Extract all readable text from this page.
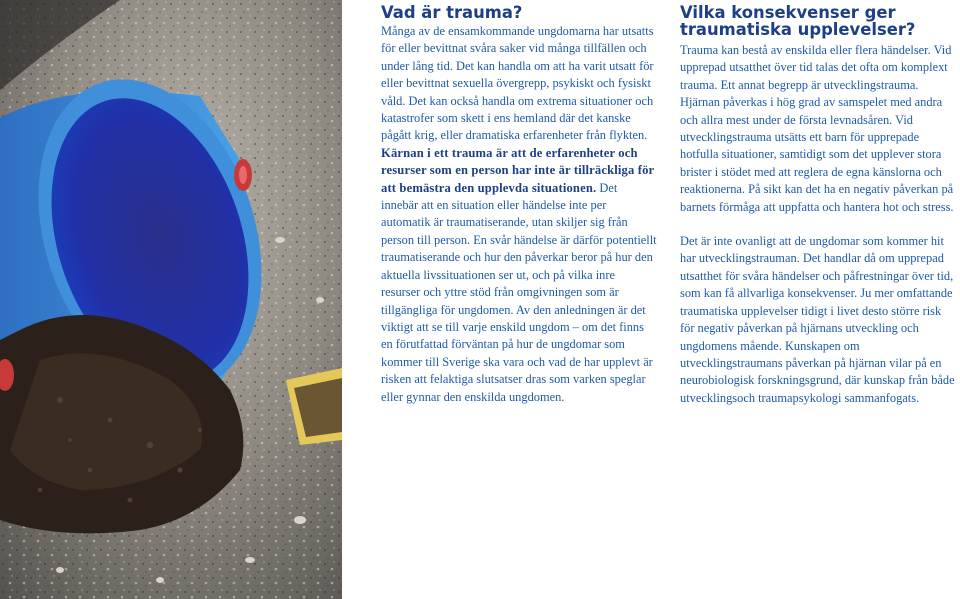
Vad är trauma?

Många av de ensamkommande ungdomarna har utsatts för eller bevittnat svåra saker vid många tillfällen och under lång tid. Det kan handla om att ha varit utsatt för eller bevittnat sexuella övergrepp, psykiskt och fysiskt våld. Det kan också handla om extrema situationer och katastrofer som skett i ens hemland där det kanske pågått krig, eller dramatiska erfarenheter från flykten. Kärnan i ett trauma är att de erfarenheter och resurser som en person har inte är tillräckliga för att bemästra den upplevda situationen. Det innebär att en situation eller händelse inte per automatik är traumatiserande, utan skiljer sig från person till person. En svår händelse är därför potentiellt traumatiserande och hur den påverkar beror på hur den aktuella livssituationen ser ut, och på vilka inre resurser och yttre stöd från omgivningen som är tillgängliga för ungdomen. Av den anledningen är det viktigt att se till varje enskild ungdom – om det finns en förutfattad förväntan på hur de ungdomar som kommer till Sverige ska vara och vad de har upplevt är risken att felaktiga slutsatser dras som varken speglar eller gynnar den enskilda ungdomen.

Vilka konsekvenser ger traumatiska upplevelser?

Trauma kan bestå av enskilda eller flera händelser. Vid upprepad utsatthet över tid talas det ofta om komplext trauma. Ett annat begrepp är utvecklingstrauma. Hjärnan påverkas i hög grad av samspelet med andra och allra mest under de första levnadsåren. Vid utvecklingstrauma utsätts ett barn för upprepade hotfulla situationer, samtidigt som det upplever stora brister i stödet med att reglera de egna känslorna och reaktionerna. På sikt kan det ha en negativ påverkan på barnets förmåga att uppfatta och hantera hot och stress.

Det är inte ovanligt att de ungdomar som kommer hit har utvecklingstrauman. Det handlar då om upprepad utsatthet för svåra händelser och påfrestningar över tid, som kan få allvarliga konsekvenser. Ju mer omfattande traumatiska upplevelser tidigt i livet desto större risk för negativ påverkan på hjärnans utveckling och ungdomens mående. Kunskapen om utvecklingstraumans påverkan på hjärnan vilar på en neurobiologisk forskningsgrund, där kunskap från både utvecklingsoch traumapsykologi sammanfogats.
